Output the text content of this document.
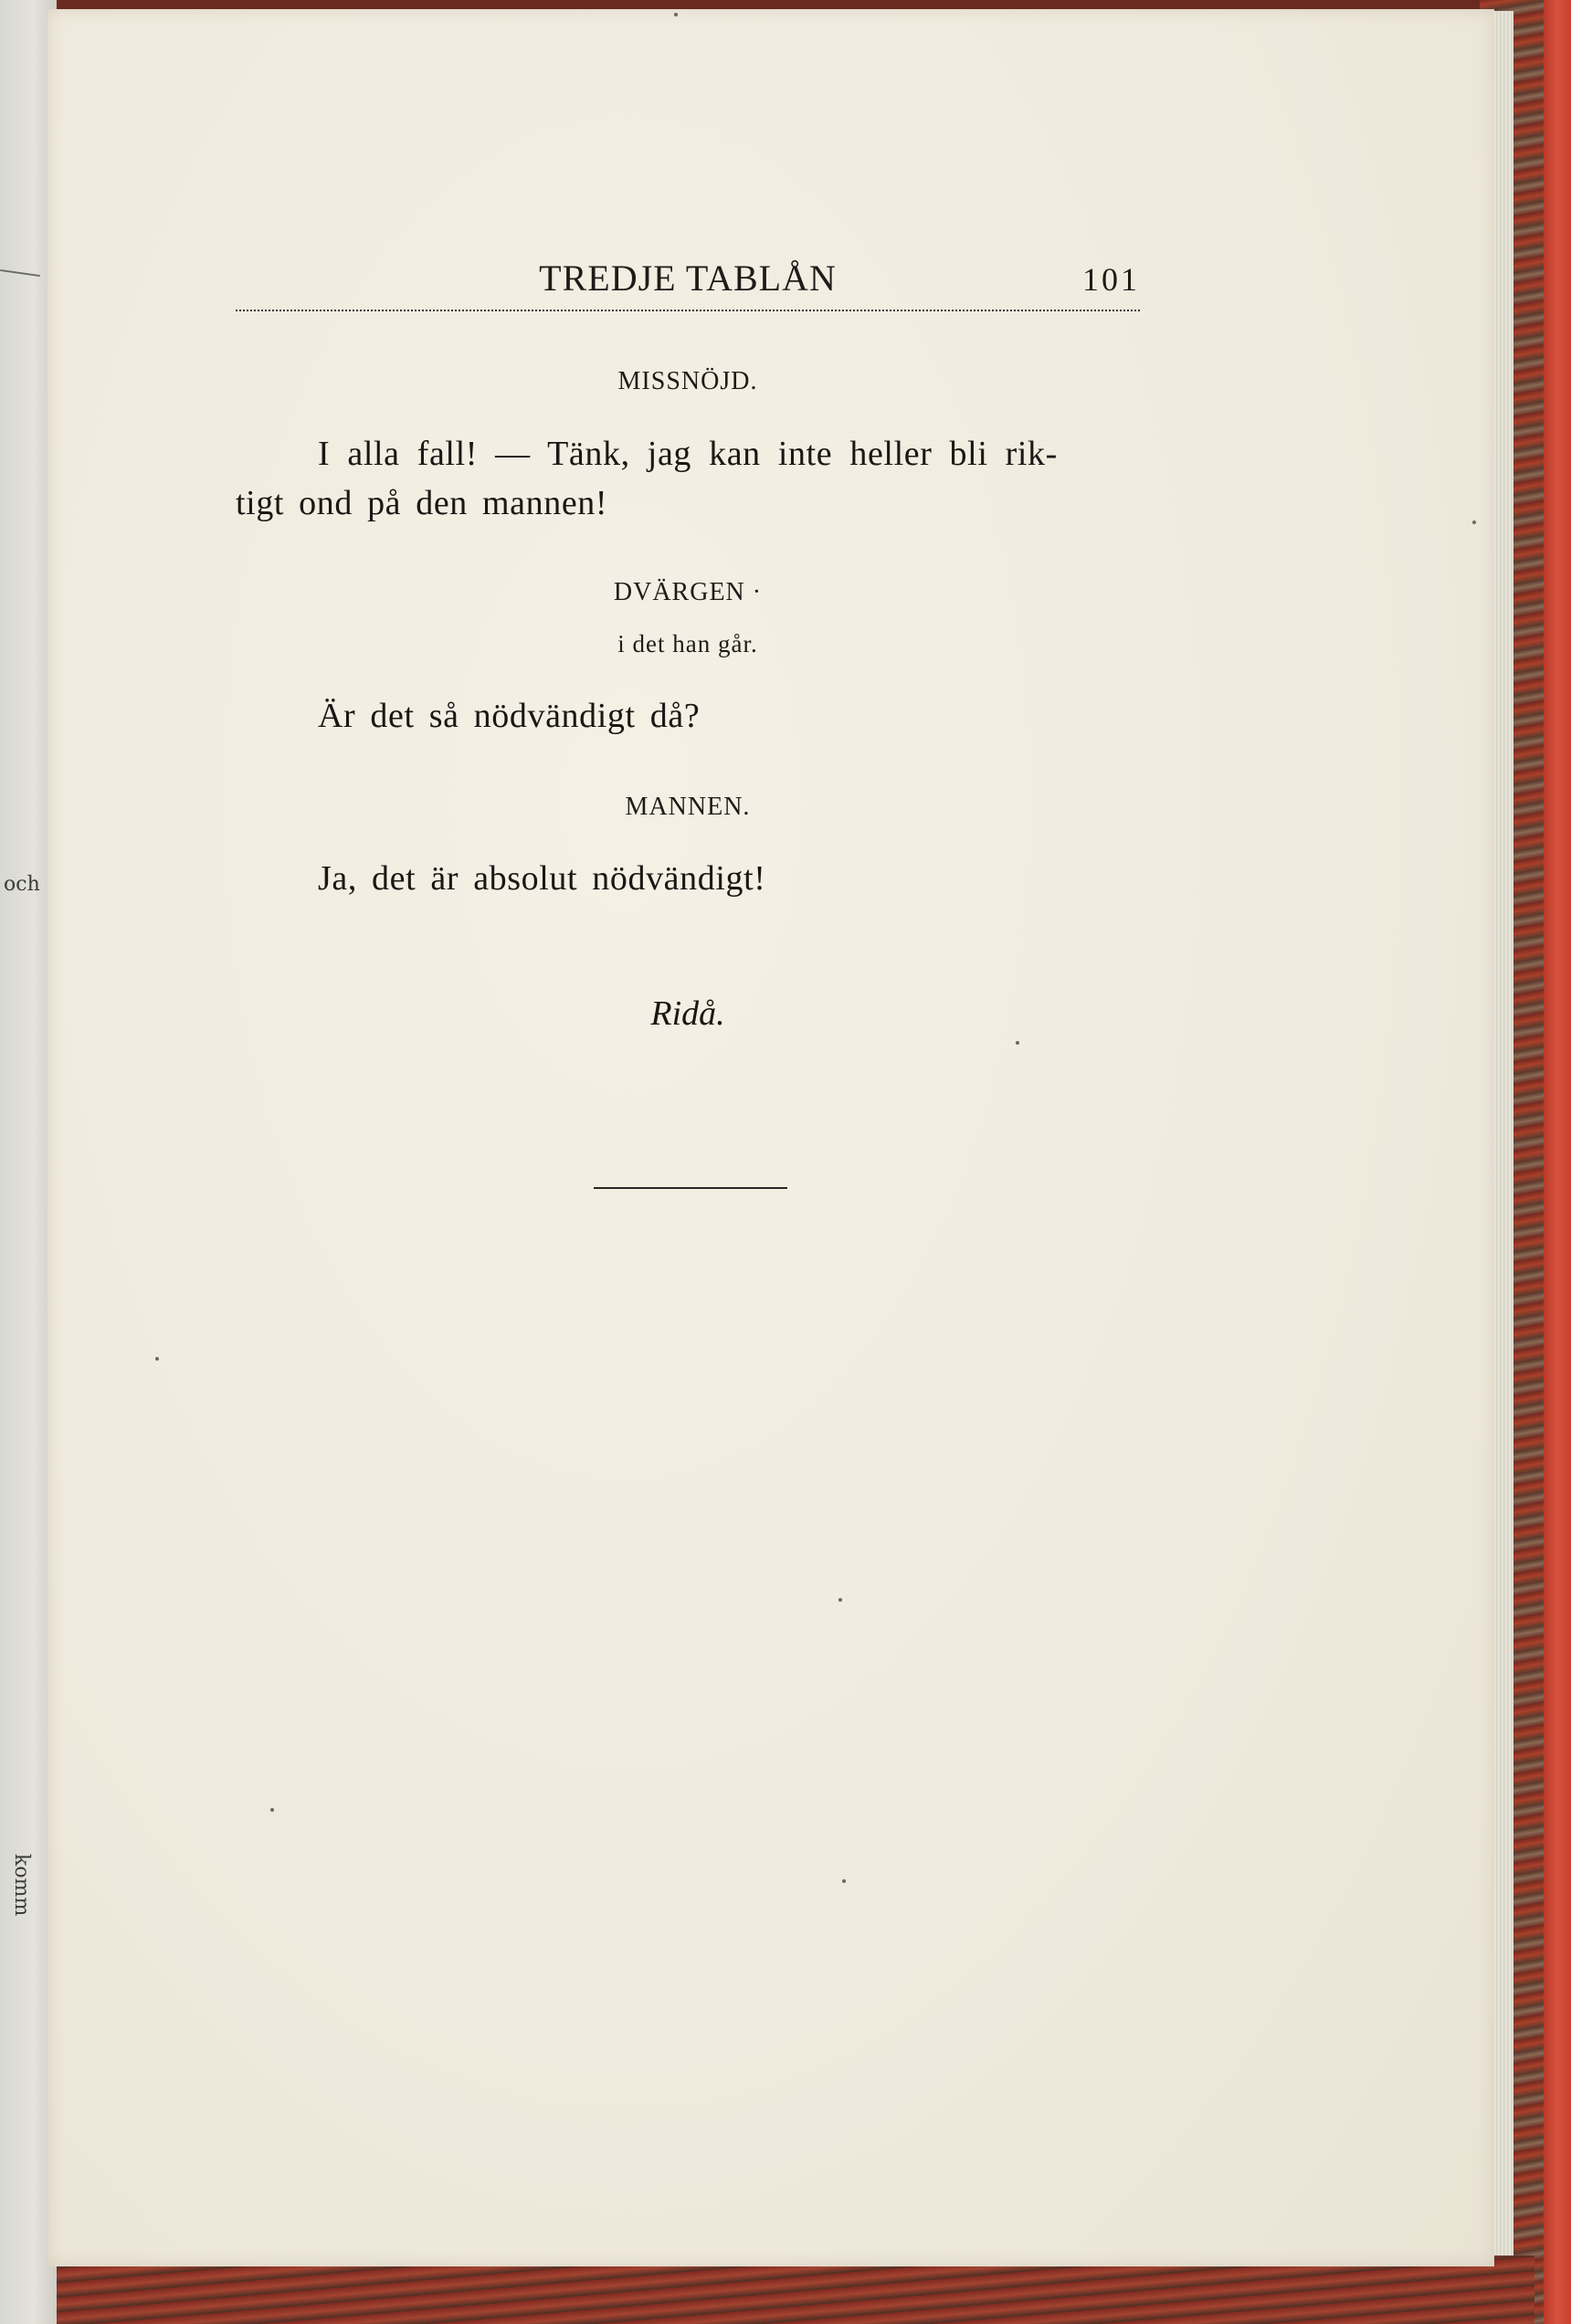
och
komm
TREDJE TABLÅN	101
MISSNÖJD.
I alla fall! — Tänk, jag kan inte heller bli rik-
tigt ond på den mannen!
DVÄRGEN ·
i det han går.
Är det så nödvändigt då?
MANNEN.
Ja, det är absolut nödvändigt!
Ridå.
